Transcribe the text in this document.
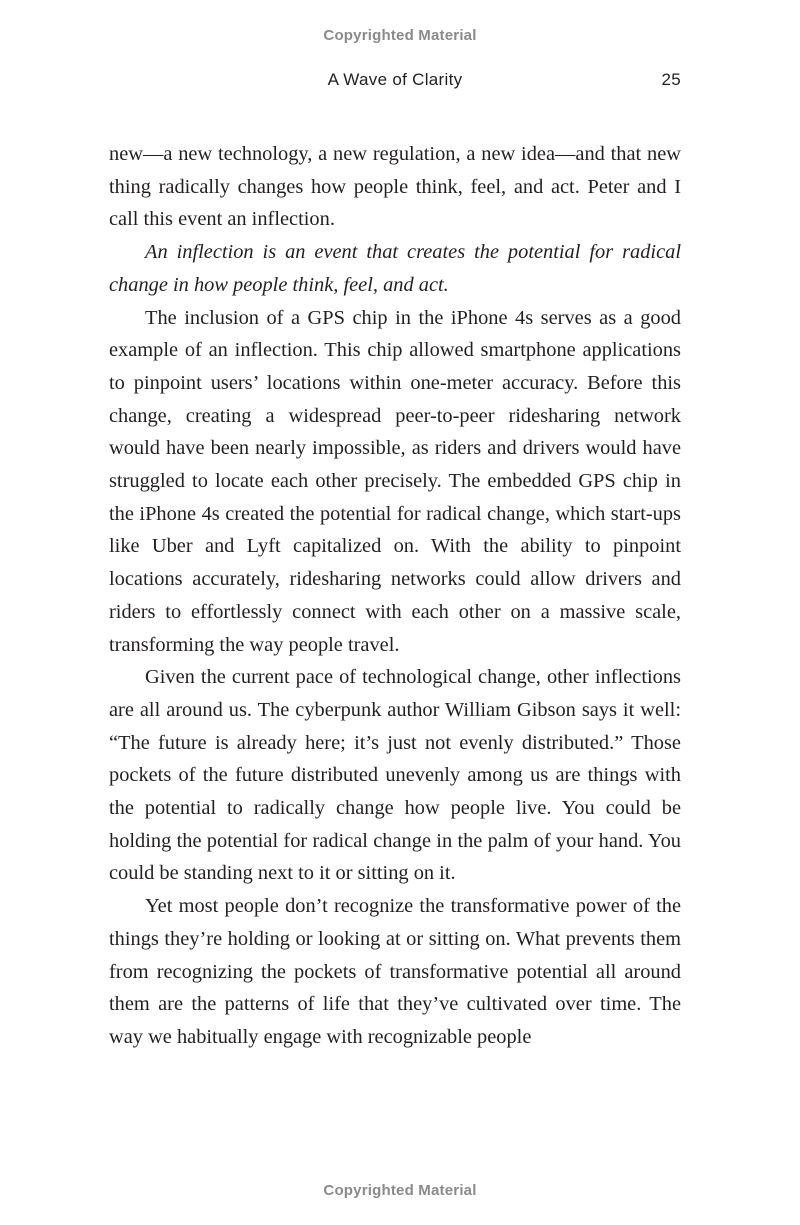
Copyrighted Material
A Wave of Clarity	25

new—a new technology, a new regulation, a new idea—and that new thing radically changes how people think, feel, and act. Peter and I call this event an inflection.

An inflection is an event that creates the potential for radical change in how people think, feel, and act.

The inclusion of a GPS chip in the iPhone 4s serves as a good example of an inflection. This chip allowed smartphone applications to pinpoint users’ locations within one-meter accuracy. Before this change, creating a widespread peer-to-peer ridesharing network would have been nearly impossible, as riders and drivers would have struggled to locate each other precisely. The embedded GPS chip in the iPhone 4s created the potential for radical change, which start-ups like Uber and Lyft capitalized on. With the ability to pinpoint locations accurately, ridesharing networks could allow drivers and riders to effortlessly connect with each other on a massive scale, transforming the way people travel.

Given the current pace of technological change, other inflections are all around us. The cyberpunk author William Gibson says it well: “The future is already here; it’s just not evenly distributed.” Those pockets of the future distributed unevenly among us are things with the potential to radically change how people live. You could be holding the potential for radical change in the palm of your hand. You could be standing next to it or sitting on it.

Yet most people don’t recognize the transformative power of the things they’re holding or looking at or sitting on. What prevents them from recognizing the pockets of transformative potential all around them are the patterns of life that they’ve cultivated over time. The way we habitually engage with recognizable people

Copyrighted Material
